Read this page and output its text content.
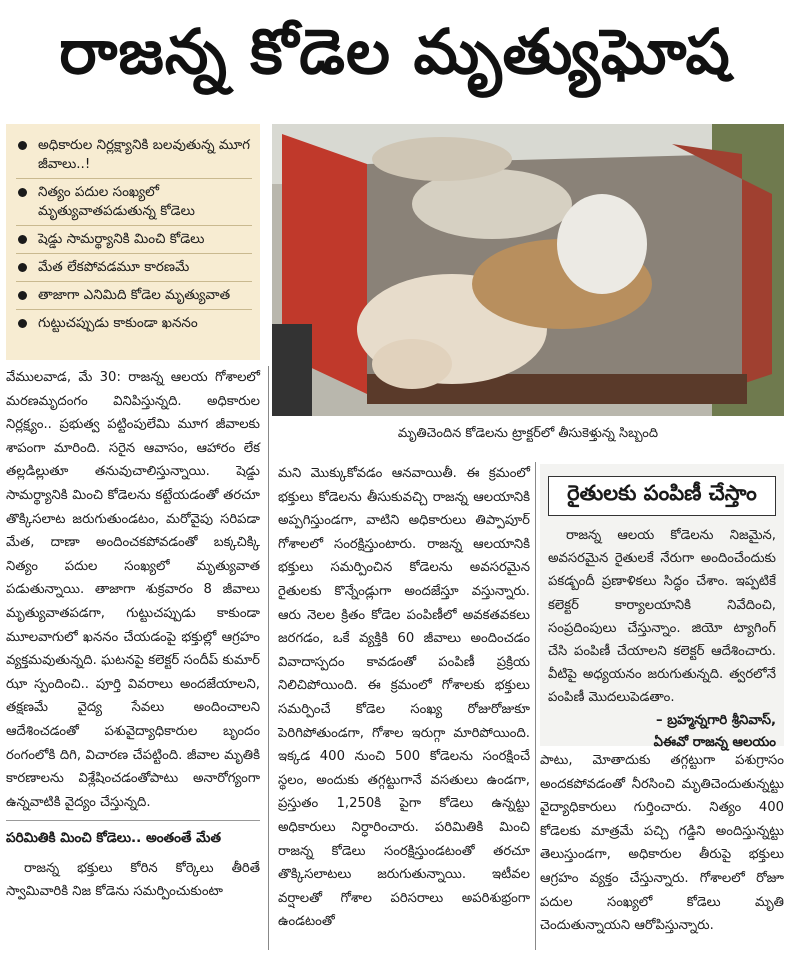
రాజన్న కోడెల మృత్యుఘోష
అధికారుల నిర్లక్ష్యానికి బలవుతున్న మూగ జీవాలు..!
నిత్యం పదుల సంఖ్యలో మృత్యువాతపడుతున్న కోడెలు
షెడ్డు సామర్థ్యానికి మించి కోడెలు
మేత లేకపోవడమూ కారణమే
తాజాగా ఎనిమిది కోడెల మృత్యువాత
గుట్టుచప్పుడు కాకుండా ఖననం
మృతిచెందిన కోడెలను ట్రాక్టర్‌లో తీసుకెళ్తున్న సిబ్బంది

వేములవాడ, మే 30: రాజన్న ఆలయ గోశాలలో మరణమృదంగం వినిపిస్తున్నది. అధికారుల నిర్లక్ష్యం.. ప్రభుత్వ పట్టింపులేమి మూగ జీవాలకు శాపంగా మారింది. సరైన ఆవాసం, ఆహారం లేక తల్లడిల్లుతూ తనువుచాలిస్తున్నాయి. షెడ్డు సామర్థ్యానికి మించి కోడెలను కట్టేయడంతో తరచూ తొక్కిసలాట జరుగుతుండటం, మరోవైపు సరిపడా మేత, దాణా అందించకపోవడంతో బక్కచిక్కి నిత్యం పదుల సంఖ్యలో మృత్యువాత పడుతున్నాయి. తాజాగా శుక్రవారం 8 జీవాలు మృత్యువాతపడగా, గుట్టుచప్పుడు కాకుండా మూలవాగులో ఖననం చేయడంపై భక్తుల్లో ఆగ్రహం వ్యక్తమవుతున్నది. ఘటనపై కలెక్టర్ సందీప్ కుమార్ ఝా స్పందించి.. పూర్తి వివరాలు అందజేయాలని, తక్షణమే వైద్య సేవలు అందించాలని ఆదేశించడంతో పశువైద్యాధికారుల బృందం రంగంలోకి దిగి, విచారణ చేపట్టింది. జీవాల మృతికి కారణాలను విశ్లేషించడంతోపాటు అనారోగ్యంగా ఉన్నవాటికి వైద్యం చేస్తున్నది.

పరిమితికి మించి కోడెలు.. అంతంతే మేత

రాజన్న భక్తులు కోరిన కోర్కెలు తీరితే స్వామివారికి నిజ కోడెను సమర్పించుకుంటా

మని మొక్కుకోవడం ఆనవాయితీ. ఈ క్రమంలో భక్తులు కోడెలను తీసుకువచ్చి రాజన్న ఆలయానికి అప్పగిస్తుండగా, వాటిని అధికారులు తిప్పాపూర్ గోశాలలో సంరక్షిస్తుంటారు. రాజన్న ఆలయానికి భక్తులు సమర్పించిన కోడెలను అవసరమైన రైతులకు కొన్నేండ్లుగా అందజేస్తూ వస్తున్నారు. ఆరు నెలల క్రితం కోడెల పంపిణీలో అవకతవకలు జరగడం, ఒకే వ్యక్తికి 60 జీవాలు అందించడం వివాదాస్పదం కావడంతో పంపిణీ ప్రక్రియ నిలిచిపోయింది. ఈ క్రమంలో గోశాలకు భక్తులు సమర్పించే కోడెల సంఖ్య రోజురోజుకూ పెరిగిపోతుండగా, గోశాల ఇరుగ్గా మారిపోయింది. ఇక్కడ 400 నుంచి 500 కోడెలను సంరక్షించే స్థలం, అందుకు తగ్గట్టుగానే వసతులు ఉండగా, ప్రస్తుతం 1,250కి పైగా కోడెలు ఉన్నట్టు అధికారులు నిర్ధారించారు. పరిమితికి మించి రాజన్న కోడెలు సంరక్షిస్తుండటంతో తరచూ తొక్కిసలాటలు జరుగుతున్నాయి. ఇటీవల వర్షాలతో గోశాల పరిసరాలు అపరిశుభ్రంగా ఉండటంతో

రైతులకు పంపిణీ చేస్తాం
రాజన్న ఆలయ కోడెలను నిజమైన, అవసరమైన రైతులకే నేరుగా అందించేందుకు పకడ్బందీ ప్రణాళికలు సిద్ధం చేశాం. ఇప్పటికే కలెక్టర్ కార్యాలయానికి నివేదించి, సంప్రదింపులు చేస్తున్నాం. జియో ట్యాగింగ్ చేసి పంపిణీ చేయాలని కలెక్టర్ ఆదేశించారు. వీటిపై అధ్యయనం జరుగుతున్నది. త్వరలోనే పంపిణీ మొదలుపెడతాం.
– బ్రహ్మన్నగారి శ్రీనివాస్,
ఏఈవో రాజన్న ఆలయం

పాటు, మోతాదుకు తగ్గట్టుగా పశుగ్రాసం అందకపోవడంతో నీరసించి మృతిచెందుతున్నట్టు వైద్యాధికారులు గుర్తించారు. నిత్యం 400 కోడెలకు మాత్రమే పచ్చి గడ్డిని అందిస్తున్నట్టు తెలుస్తుండగా, అధికారుల తీరుపై భక్తులు ఆగ్రహం వ్యక్తం చేస్తున్నారు. గోశాలలో రోజూ పదుల సంఖ్యలో కోడెలు మృతి చెందుతున్నాయని ఆరోపిస్తున్నారు.
